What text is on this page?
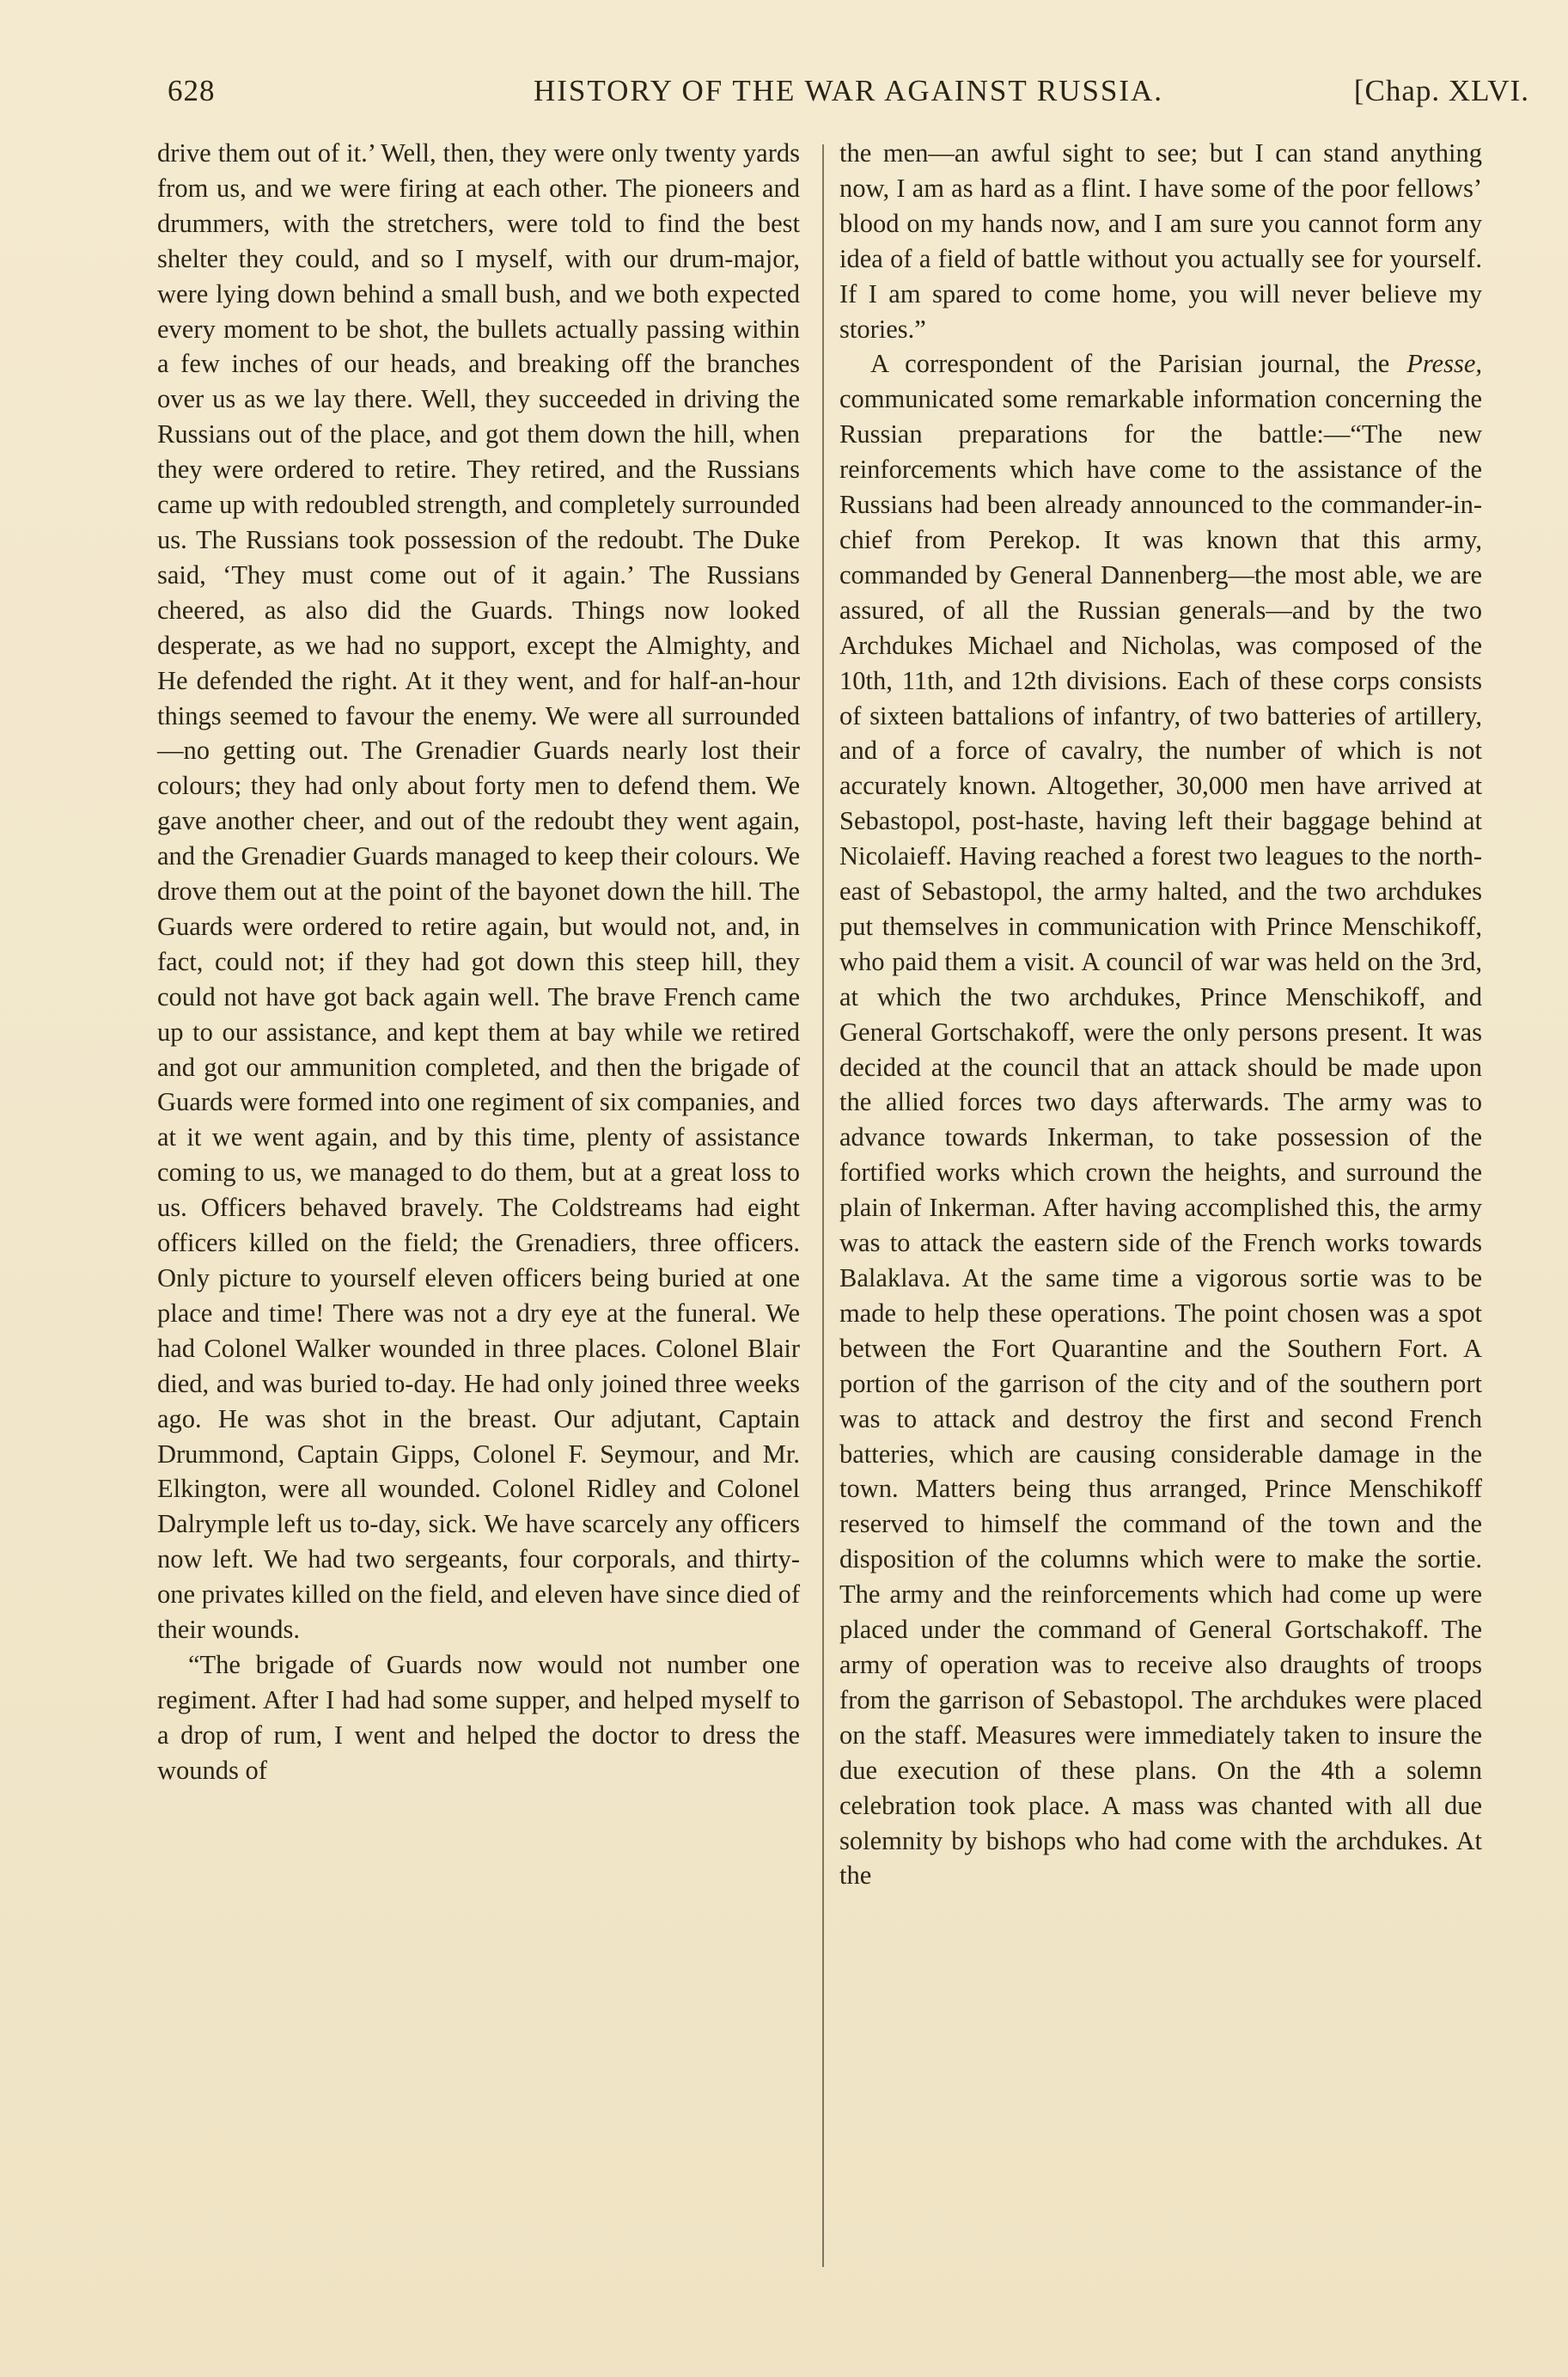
628	HISTORY OF THE WAR AGAINST RUSSIA.	[Chap. XLVI.

drive them out of it.’ Well, then, they were only twenty yards from us, and we were firing at each other. The pioneers and drummers, with the stretchers, were told to find the best shelter they could, and so I myself, with our drum-major, were lying down behind a small bush, and we both expected every moment to be shot, the bullets actually passing within a few inches of our heads, and breaking off the branches over us as we lay there. Well, they succeeded in driving the Russians out of the place, and got them down the hill, when they were ordered to retire. They retired, and the Russians came up with redoubled strength, and completely surrounded us. The Russians took possession of the redoubt. The Duke said, ‘They must come out of it again.’ The Russians cheered, as also did the Guards. Things now looked desperate, as we had no support, except the Almighty, and He defended the right. At it they went, and for half-an-hour things seemed to favour the enemy. We were all surrounded—no getting out. The Grenadier Guards nearly lost their colours; they had only about forty men to defend them. We gave another cheer, and out of the redoubt they went again, and the Grenadier Guards managed to keep their colours. We drove them out at the point of the bayonet down the hill. The Guards were ordered to retire again, but would not, and, in fact, could not; if they had got down this steep hill, they could not have got back again well. The brave French came up to our assistance, and kept them at bay while we retired and got our ammunition completed, and then the brigade of Guards were formed into one regiment of six companies, and at it we went again, and by this time, plenty of assistance coming to us, we managed to do them, but at a great loss to us. Officers behaved bravely. The Coldstreams had eight officers killed on the field; the Grenadiers, three officers. Only picture to yourself eleven officers being buried at one place and time! There was not a dry eye at the funeral. We had Colonel Walker wounded in three places. Colonel Blair died, and was buried to-day. He had only joined three weeks ago. He was shot in the breast. Our adjutant, Captain Drummond, Captain Gipps, Colonel F. Seymour, and Mr. Elkington, were all wounded. Colonel Ridley and Colonel Dalrymple left us to-day, sick. We have scarcely any officers now left. We had two sergeants, four corporals, and thirty-one privates killed on the field, and eleven have since died of their wounds.

“The brigade of Guards now would not number one regiment. After I had had some supper, and helped myself to a drop of rum, I went and helped the doctor to dress the wounds of

the men—an awful sight to see; but I can stand anything now, I am as hard as a flint. I have some of the poor fellows’ blood on my hands now, and I am sure you cannot form any idea of a field of battle without you actually see for yourself. If I am spared to come home, you will never believe my stories.”

A correspondent of the Parisian journal, the Presse, communicated some remarkable information concerning the Russian preparations for the battle:—“The new reinforcements which have come to the assistance of the Russians had been already announced to the commander-in-chief from Perekop. It was known that this army, commanded by General Dannenberg—the most able, we are assured, of all the Russian generals—and by the two Archdukes Michael and Nicholas, was composed of the 10th, 11th, and 12th divisions. Each of these corps consists of sixteen battalions of infantry, of two batteries of artillery, and of a force of cavalry, the number of which is not accurately known. Altogether, 30,000 men have arrived at Sebastopol, post-haste, having left their baggage behind at Nicolaieff. Having reached a forest two leagues to the north-east of Sebastopol, the army halted, and the two archdukes put themselves in communication with Prince Menschikoff, who paid them a visit. A council of war was held on the 3rd, at which the two archdukes, Prince Menschikoff, and General Gortschakoff, were the only persons present. It was decided at the council that an attack should be made upon the allied forces two days afterwards. The army was to advance towards Inkerman, to take possession of the fortified works which crown the heights, and surround the plain of Inkerman. After having accomplished this, the army was to attack the eastern side of the French works towards Balaklava. At the same time a vigorous sortie was to be made to help these operations. The point chosen was a spot between the Fort Quarantine and the Southern Fort. A portion of the garrison of the city and of the southern port was to attack and destroy the first and second French batteries, which are causing considerable damage in the town. Matters being thus arranged, Prince Menschikoff reserved to himself the command of the town and the disposition of the columns which were to make the sortie. The army and the reinforcements which had come up were placed under the command of General Gortschakoff. The army of operation was to receive also draughts of troops from the garrison of Sebastopol. The archdukes were placed on the staff. Measures were immediately taken to insure the due execution of these plans. On the 4th a solemn celebration took place. A mass was chanted with all due solemnity by bishops who had come with the archdukes. At the
